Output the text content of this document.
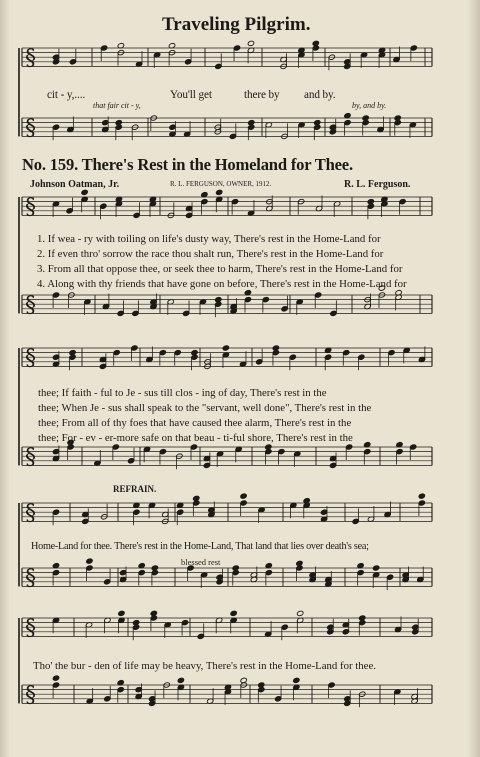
§
§
§
§
§
§
§
§
§
§
Traveling Pilgrim.
cit - y,....	You'll get	there by and by.
that fair cit - y,	by, and by.
No. 159. There's Rest in the Homeland for Thee.
Johnson Oatman, Jr.	R. L. FERGUSON, OWNER, 1912.	R. L. Ferguson.
1. If wea - ry with toiling on life's dusty way, There's rest in the Home-Land for
2. If even thro' sorrow the race thou shalt run, There's rest in the Home-Land for
3. From all that oppose thee, or seek thee to harm, There's rest in the Home-Land for
4. Along with thy friends that have gone on before, There's rest in the Home-Land for
thee; If faith - ful to Je - sus till clos - ing of day, There's rest in the
thee; When Je - sus shall speak to the "servant, well done", There's rest in the
thee; From all of thy foes that have caused thee alarm, There's rest in the
thee; For - ev - er-more safe on that beau - ti-ful shore, There's rest in the
REFRAIN.
Home-Land for thee. There's rest in the Home-Land, That land that lies over death's sea;
blessed rest
Tho' the bur - den of life may be heavy, There's rest in the Home-Land for thee.
